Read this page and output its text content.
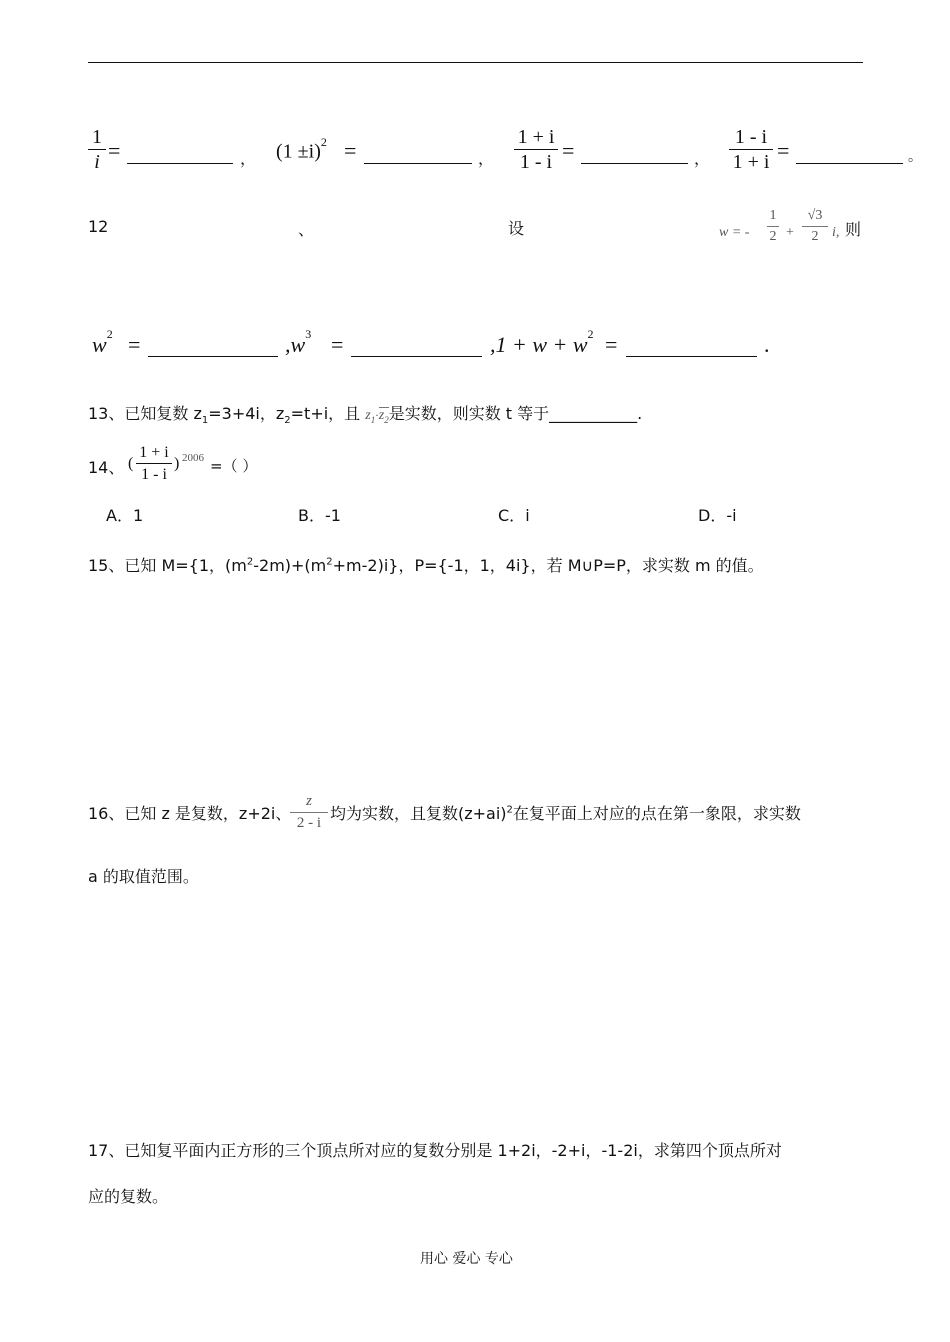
1
i =	， $(1 \pm i)^2$ =	，
1 + i
1 - i =	，
1 - i
1 + i =	。
12	、	设	w = -
1
2 +
√3
2 i, 则
$w^2$ =	$,w^3$ =	$,1 + w + w^2$ =	.
13、已知复数 $z_1=3+4i$，$z_2=t+i$，且 $z_1\cdot z_2$是实数，则实数 t 等于___________.
14、 (
1 + i
1 - i
) 2006 =（ ）
A．1	B．-1	C．i	D．-i
15、已知 M={1，$(m^2-2m)+(m^2+m-2)i$}，P={-1，1，4i}，若 M∪P=P，求实数 m 的值。
16、已知 z 是复数，z+2i、
z
2 - i 均为实数，且复数$(z+ai)^2$在复平面上对应的点在第一象限，求实数
a 的取值范围。
17、已知复平面内正方形的三个顶点所对应的复数分别是 1+2i，-2+i，-1-2i，求第四个顶点所对
应的复数。
用心 爱心 专心
